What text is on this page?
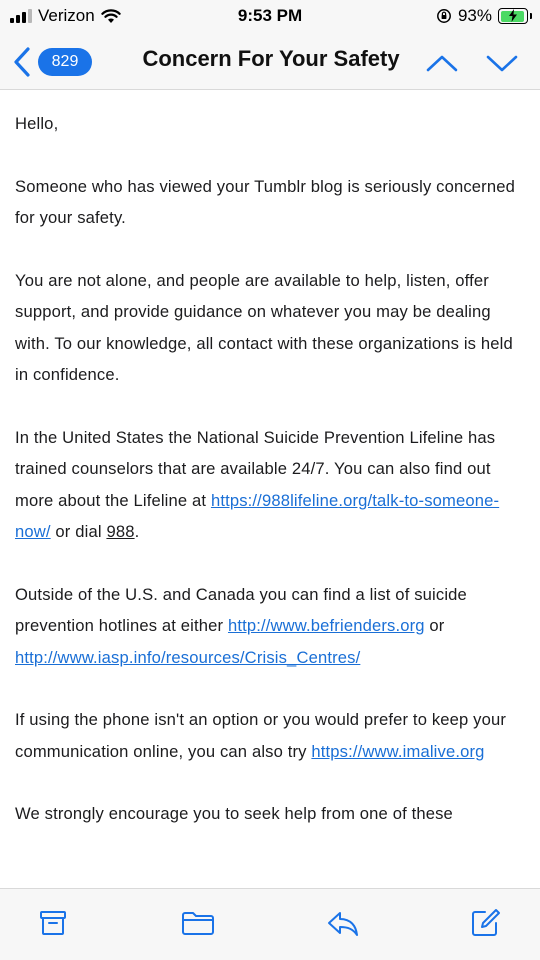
Verizon	9:53 PM	93%
829	Concern For Your Safety

Hello,

Someone who has viewed your Tumblr blog is seriously concerned for your safety.

You are not alone, and people are available to help, listen, offer support, and provide guidance on whatever you may be dealing with. To our knowledge, all contact with these organizations is held in confidence.

In the United States the National Suicide Prevention Lifeline has trained counselors that are available 24/7. You can also find out more about the Lifeline at https://988lifeline.org/talk-to-someone-now/ or dial 988.

Outside of the U.S. and Canada you can find a list of suicide prevention hotlines at either http://www.befrienders.org or http://www.iasp.info/resources/Crisis_Centres/

If using the phone isn't an option or you would prefer to keep your communication online, you can also try https://www.imalive.org

We strongly encourage you to seek help from one of these
